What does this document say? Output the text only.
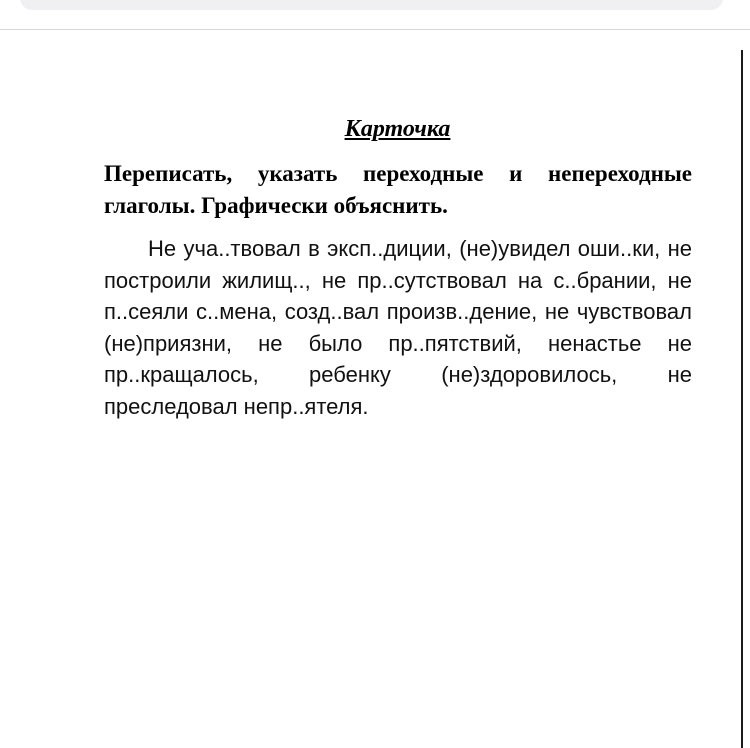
Карточка
Переписать, указать переходные и непереходные глаголы. Графически объяснить.
Не уча..твовал в эксп..диции, (не)увидел оши..ки, не построили жилищ.., не пр..сутствовал на с..брании, не п..сеяли с..мена, созд..вал произв..дение, не чувствовал (не)приязни, не было пр..пятствий, ненастье не пр..кращалось, ребенку (не)здоровилось, не преследовал непр..ятеля.
